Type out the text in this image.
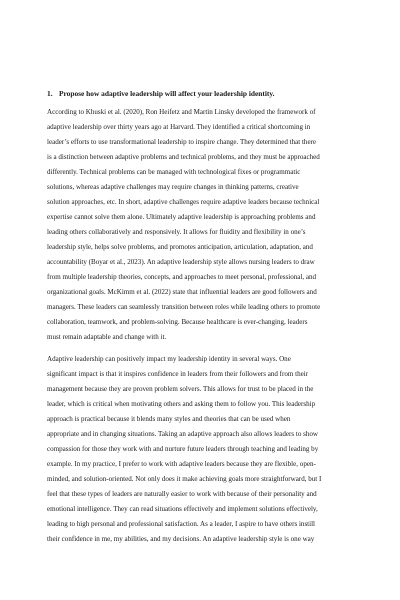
1. Propose how adaptive leadership will affect your leadership identity.
According to Khuski et al. (2020), Ron Heifetz and Martin Linsky developed the framework of
adaptive leadership over thirty years ago at Harvard. They identified a critical shortcoming in
leader’s efforts to use transformational leadership to inspire change. They determined that there
is a distinction between adaptive problems and technical problems, and they must be approached
differently. Technical problems can be managed with technological fixes or programmatic
solutions, whereas adaptive challenges may require changes in thinking patterns, creative
solution approaches, etc. In short, adaptive challenges require adaptive leaders because technical
expertise cannot solve them alone. Ultimately adaptive leadership is approaching problems and
leading others collaboratively and responsively. It allows for fluidity and flexibility in one’s
leadership style, helps solve problems, and promotes anticipation, articulation, adaptation, and
accountability (Boyar et al., 2023). An adaptive leadership style allows nursing leaders to draw
from multiple leadership theories, concepts, and approaches to meet personal, professional, and
organizational goals. McKimm et al. (2022) state that influential leaders are good followers and
managers. These leaders can seamlessly transition between roles while leading others to promote
collaboration, teamwork, and problem-solving. Because healthcare is ever-changing, leaders
must remain adaptable and change with it.
Adaptive leadership can positively impact my leadership identity in several ways. One
significant impact is that it inspires confidence in leaders from their followers and from their
management because they are proven problem solvers. This allows for trust to be placed in the
leader, which is critical when motivating others and asking them to follow you. This leadership
approach is practical because it blends many styles and theories that can be used when
appropriate and in changing situations. Taking an adaptive approach also allows leaders to show
compassion for those they work with and nurture future leaders through teaching and leading by
example. In my practice, I prefer to work with adaptive leaders because they are flexible, open-
minded, and solution-oriented. Not only does it make achieving goals more straightforward, but I
feel that these types of leaders are naturally easier to work with because of their personality and
emotional intelligence. They can read situations effectively and implement solutions effectively,
leading to high personal and professional satisfaction. As a leader, I aspire to have others instill
their confidence in me, my abilities, and my decisions. An adaptive leadership style is one way
